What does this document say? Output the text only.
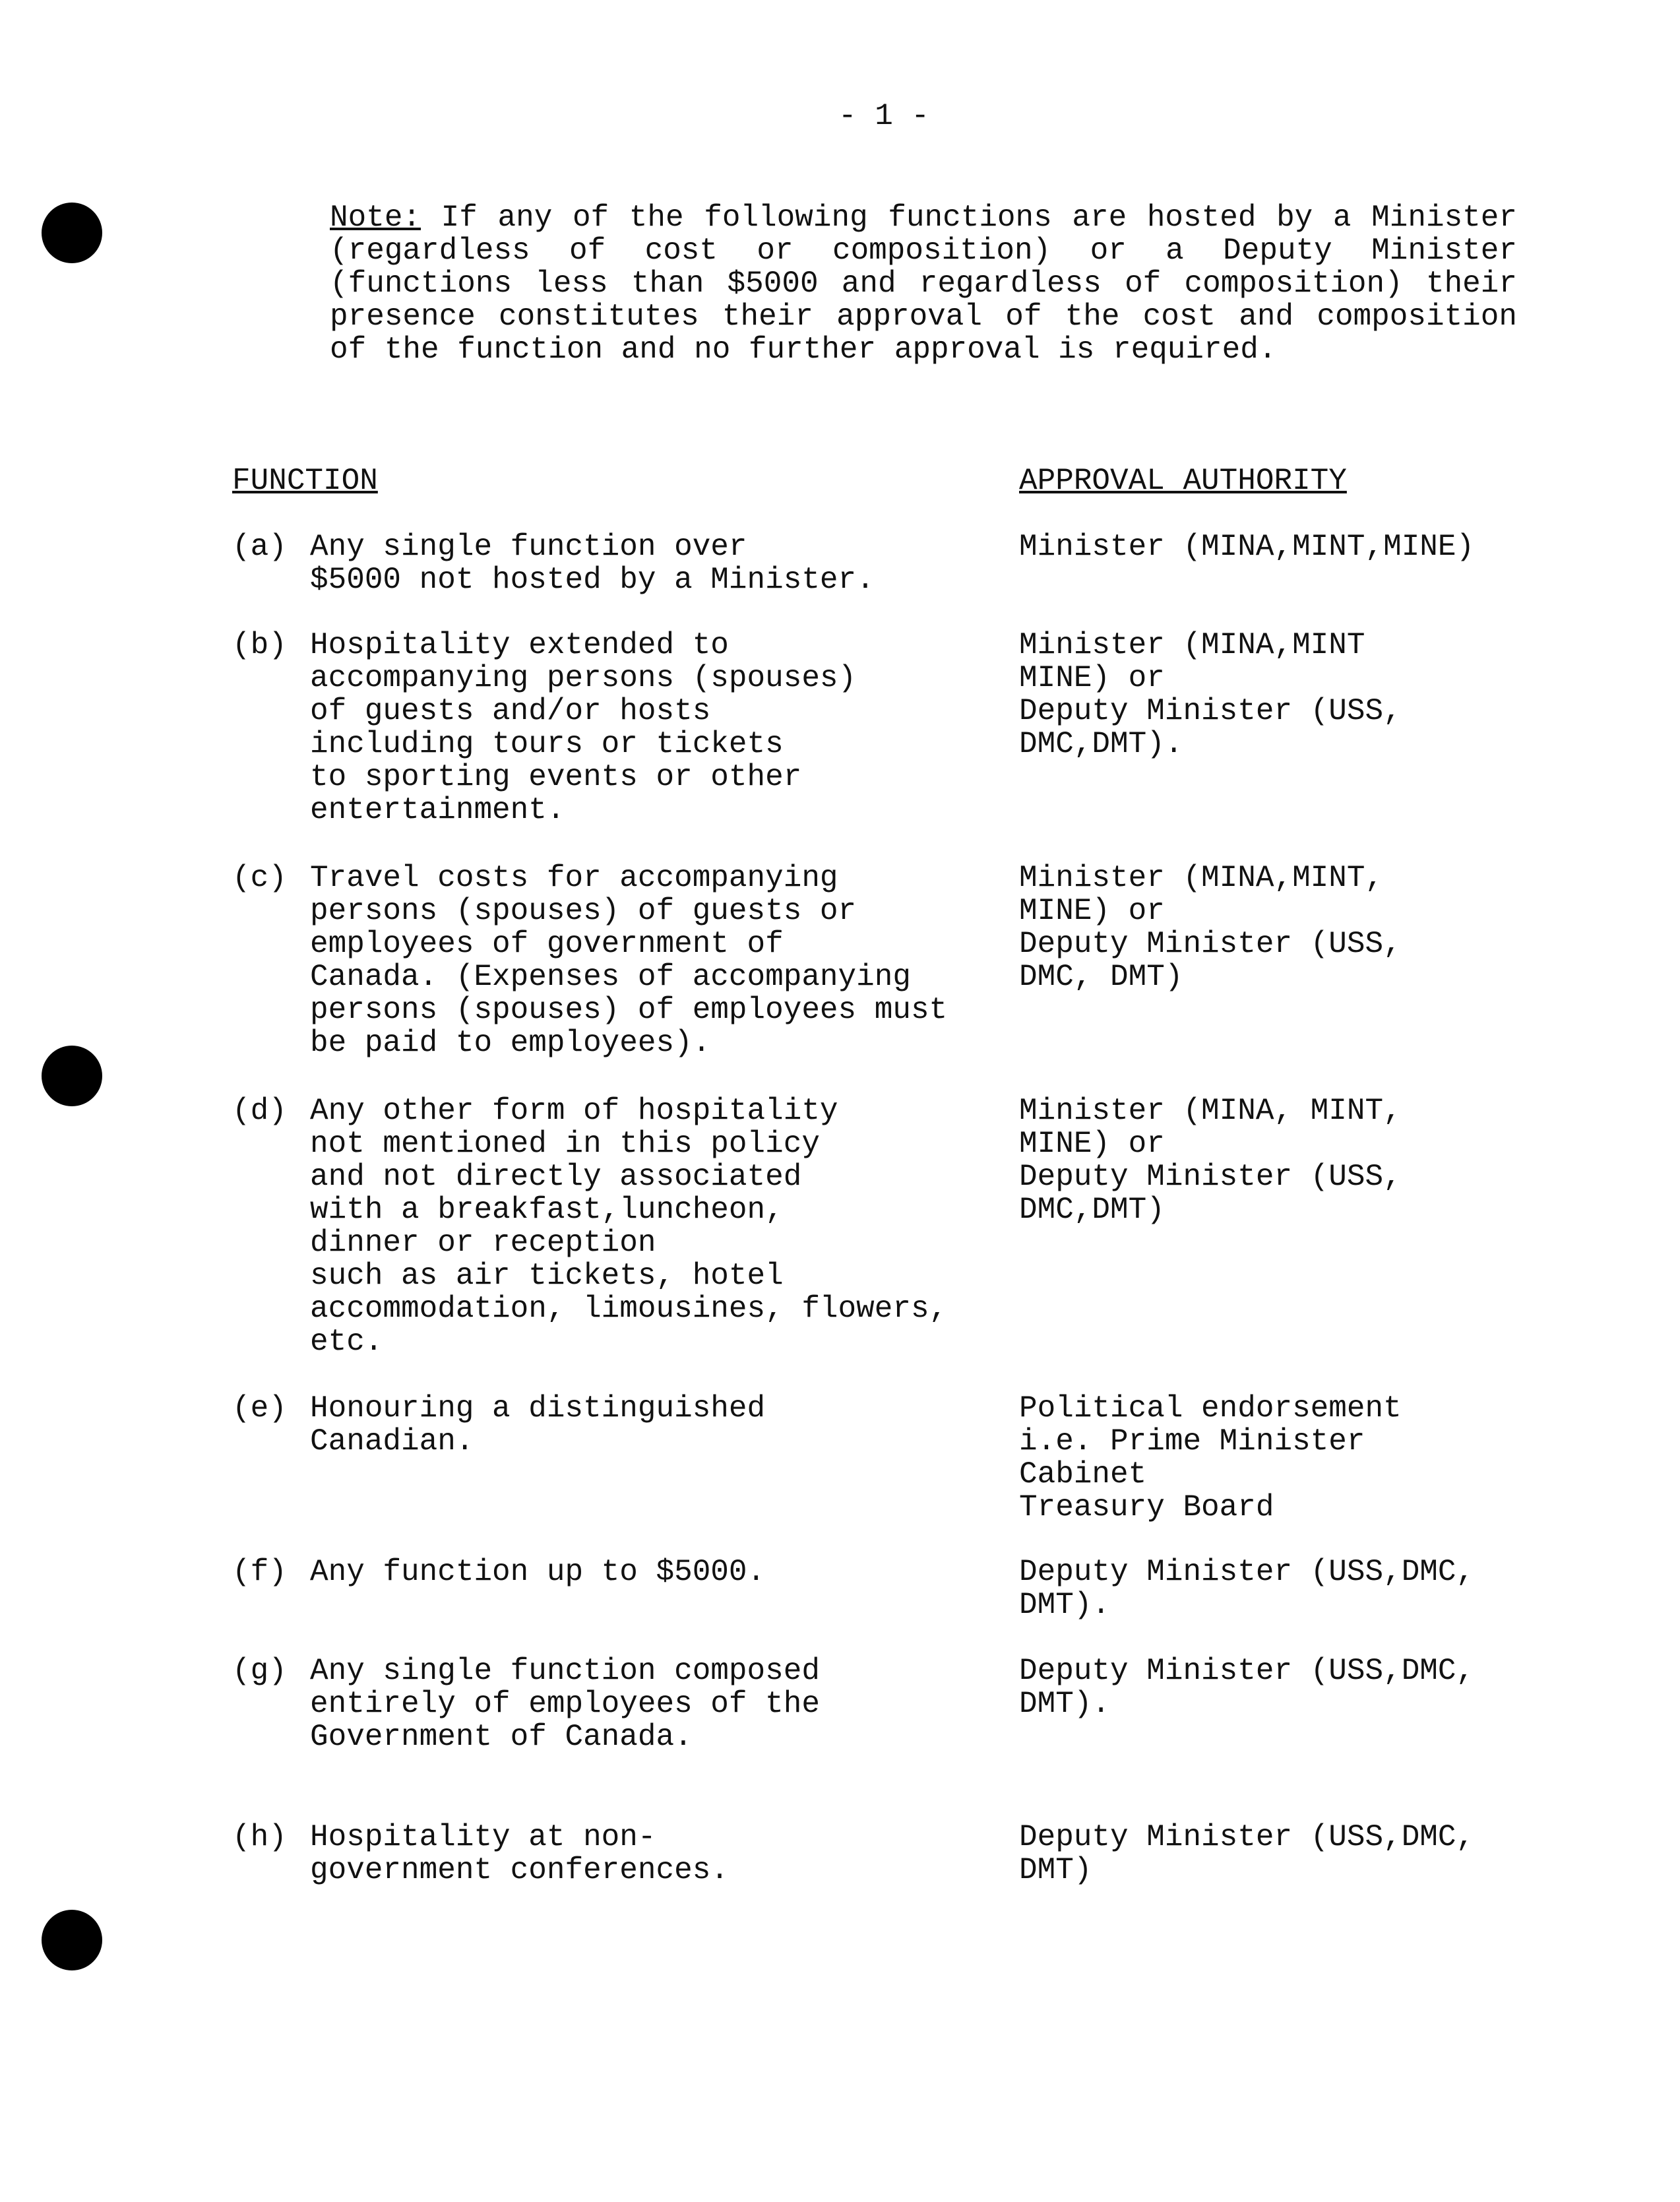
- 1 -
Note: If any of the following functions are hosted by a Minister (regardless of cost or composition) or a Deputy Minister (functions less than $5000 and regardless of composition) their presence constitutes their approval of the cost and composition of the function and no further approval is required.
FUNCTION	APPROVAL AUTHORITY
(a) Any single function over
$5000 not hosted by a Minister.
Minister (MINA,MINT,MINE)
(b) Hospitality extended to
accompanying persons (spouses)
of guests and/or hosts
including tours or tickets
to sporting events or other
entertainment.
Minister (MINA,MINT
MINE) or
Deputy Minister (USS,
DMC,DMT).
(c) Travel costs for accompanying
persons (spouses) of guests or
employees of government of
Canada. (Expenses of accompanying
persons (spouses) of employees must
be paid to employees).
Minister (MINA,MINT,
MINE) or
Deputy Minister (USS,
DMC, DMT)
(d) Any other form of hospitality
not mentioned in this policy
and not directly associated
with a breakfast,luncheon,
dinner or reception
such as air tickets, hotel
accommodation, limousines, flowers,
etc.
Minister (MINA, MINT,
MINE) or
Deputy Minister (USS,
DMC,DMT)
(e) Honouring a distinguished
Canadian.
Political endorsement
i.e. Prime Minister
Cabinet
Treasury Board
(f) Any function up to $5000.	Deputy Minister (USS,DMC,
DMT).
(g) Any single function composed
entirely of employees of the
Government of Canada.
Deputy Minister (USS,DMC,
DMT).
(h) Hospitality at non-
government conferences.
Deputy Minister (USS,DMC,
DMT)
